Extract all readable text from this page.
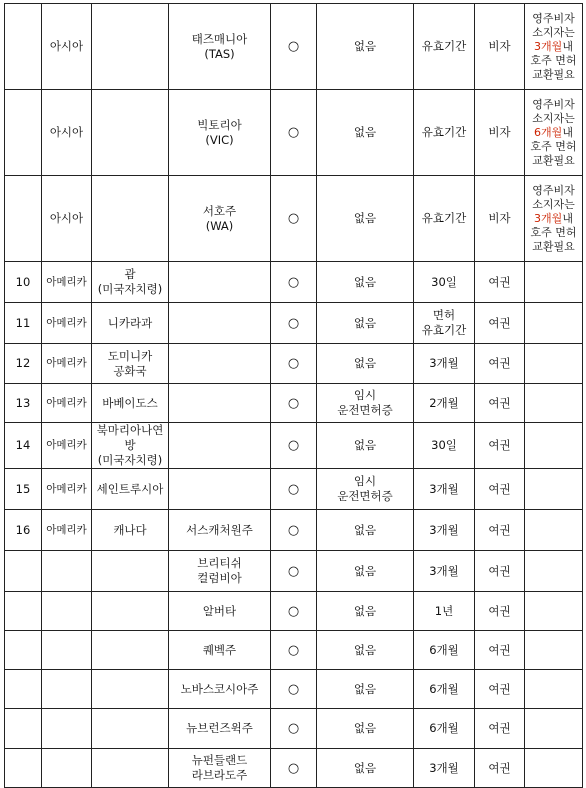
	아시아		태즈매니아
(TAS)	○	없음	유효기간	비자	영주비자
소지자는
3개월내
호주 면허
교환필요

	아시아		빅토리아
(VIC)	○	없음	유효기간	비자	영주비자
소지자는
6개월내
호주 면허
교환필요

	아시아		서호주
(WA)	○	없음	유효기간	비자	영주비자
소지자는
3개월내
호주 면허
교환필요

10	아메리카	괌
(미국자치령)		○	없음	30일	여권	
11	아메리카	니카라과		○	없음	면허
유효기간	여권	
12	아메리카	도미니카
공화국		○	없음	3개월	여권	
13	아메리카	바베이도스		○	임시
운전면허증	2개월	여권	
14	아메리카	북마리아나연방
(미국자치령)		○	없음	30일	여권	
15	아메리카	세인트루시아		○	임시
운전면허증	3개월	여권	
16	아메리카	캐나다	서스캐처원주	○	없음	3개월	여권	

			브리티쉬
컬럼비아	○	없음	3개월	여권	

			알버타	○	없음	1년	여권	

			퀘벡주	○	없음	6개월	여권	

			노바스코시아주	○	없음	6개월	여권	

			뉴브런즈윅주	○	없음	6개월	여권	

			뉴펀들랜드
라브라도주	○	없음	3개월	여권	
